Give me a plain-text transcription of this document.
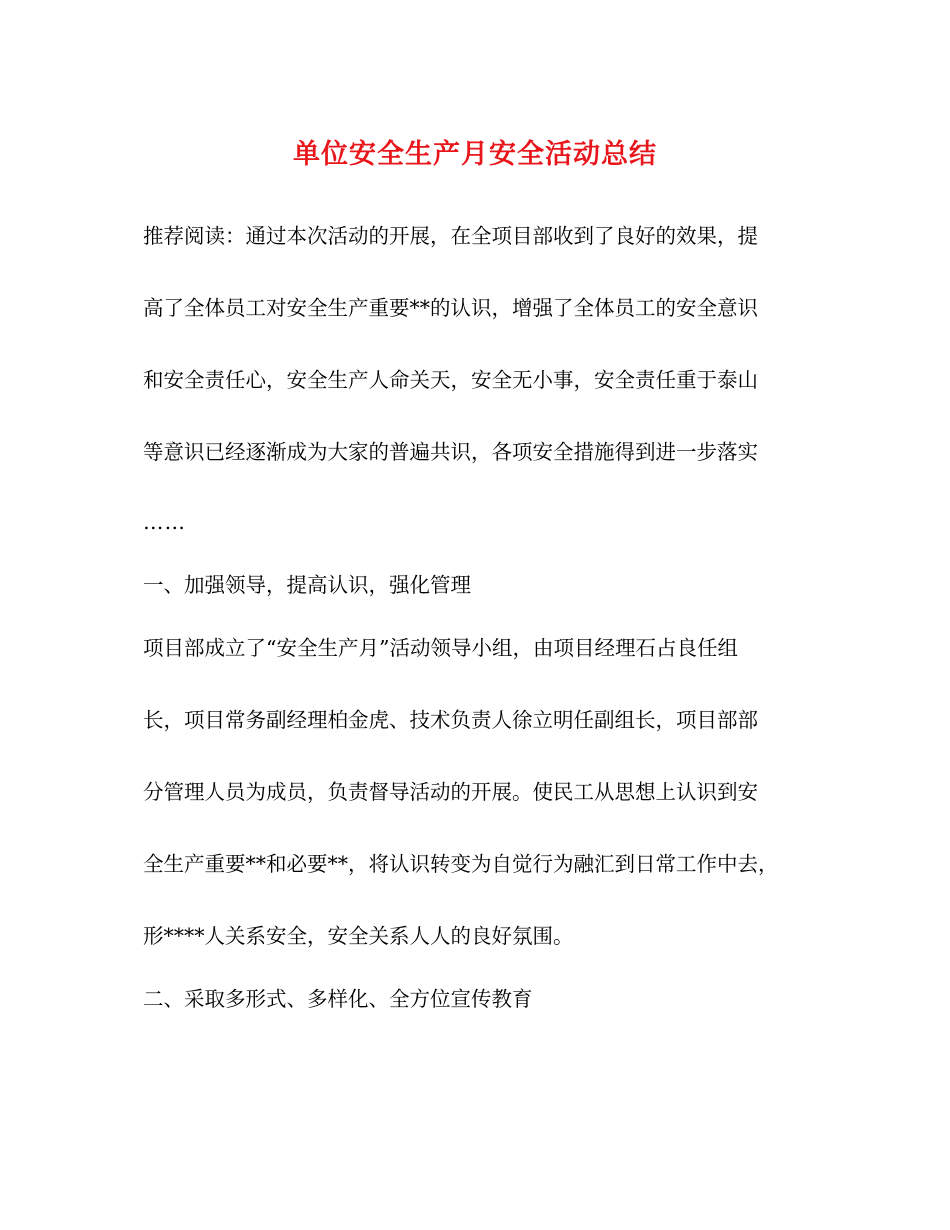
单位安全生产月安全活动总结
推荐阅读：通过本次活动的开展，在全项目部收到了良好的效果，提
高了全体员工对安全生产重要**的认识，增强了全体员工的安全意识
和安全责任心，安全生产人命关天，安全无小事，安全责任重于泰山
等意识已经逐渐成为大家的普遍共识，各项安全措施得到进一步落实
……
一、加强领导，提高认识，强化管理
项目部成立了“安全生产月”活动领导小组，由项目经理石占良任组
长，项目常务副经理柏金虎、技术负责人徐立明任副组长，项目部部
分管理人员为成员，负责督导活动的开展。使民工从思想上认识到安
全生产重要**和必要**，将认识转变为自觉行为融汇到日常工作中去，
形****人关系安全，安全关系人人的良好氛围。
二、采取多形式、多样化、全方位宣传教育
